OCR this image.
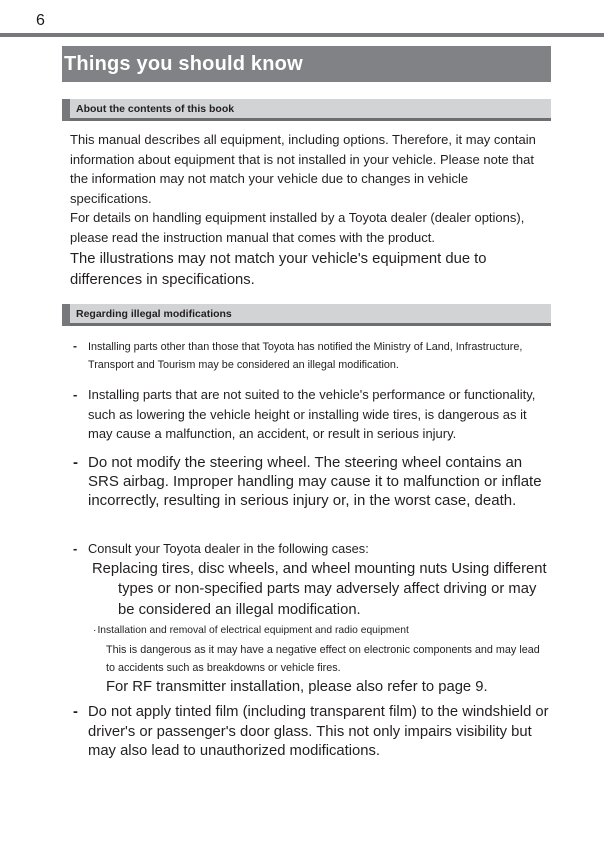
6
Things you should know
About the contents of this book

This manual describes all equipment, including options. Therefore, it may contain information about equipment that is not installed in your vehicle. Please note that the information may not match your vehicle due to changes in vehicle specifications.

For details on handling equipment installed by a Toyota dealer (dealer options), please read the instruction manual that comes with the product.

The illustrations may not match your vehicle's equipment due to differences in specifications.

Regarding illegal modifications
- Installing parts other than those that Toyota has notified the Ministry of Land, Infrastructure, Transport and Tourism may be considered an illegal modification.
- Installing parts that are not suited to the vehicle's performance or functionality, such as lowering the vehicle height or installing wide tires, is dangerous as it may cause a malfunction, an accident, or result in serious injury.
- Do not modify the steering wheel. The steering wheel contains an SRS airbag. Improper handling may cause it to malfunction or inflate incorrectly, resulting in serious injury or, in the worst case, death.
- Consult your Toyota dealer in the following cases:

Replacing tires, disc wheels, and wheel mounting nuts Using different types or non-specified parts may adversely affect driving or may be considered an illegal modification.

·Installation and removal of electrical equipment and radio equipment

This is dangerous as it may have a negative effect on electronic components and may lead to accidents such as breakdowns or vehicle fires.

For RF transmitter installation, please also refer to page 9.

- Do not apply tinted film (including transparent film) to the windshield or driver's or passenger's door glass. This not only impairs visibility but may also lead to unauthorized modifications.
